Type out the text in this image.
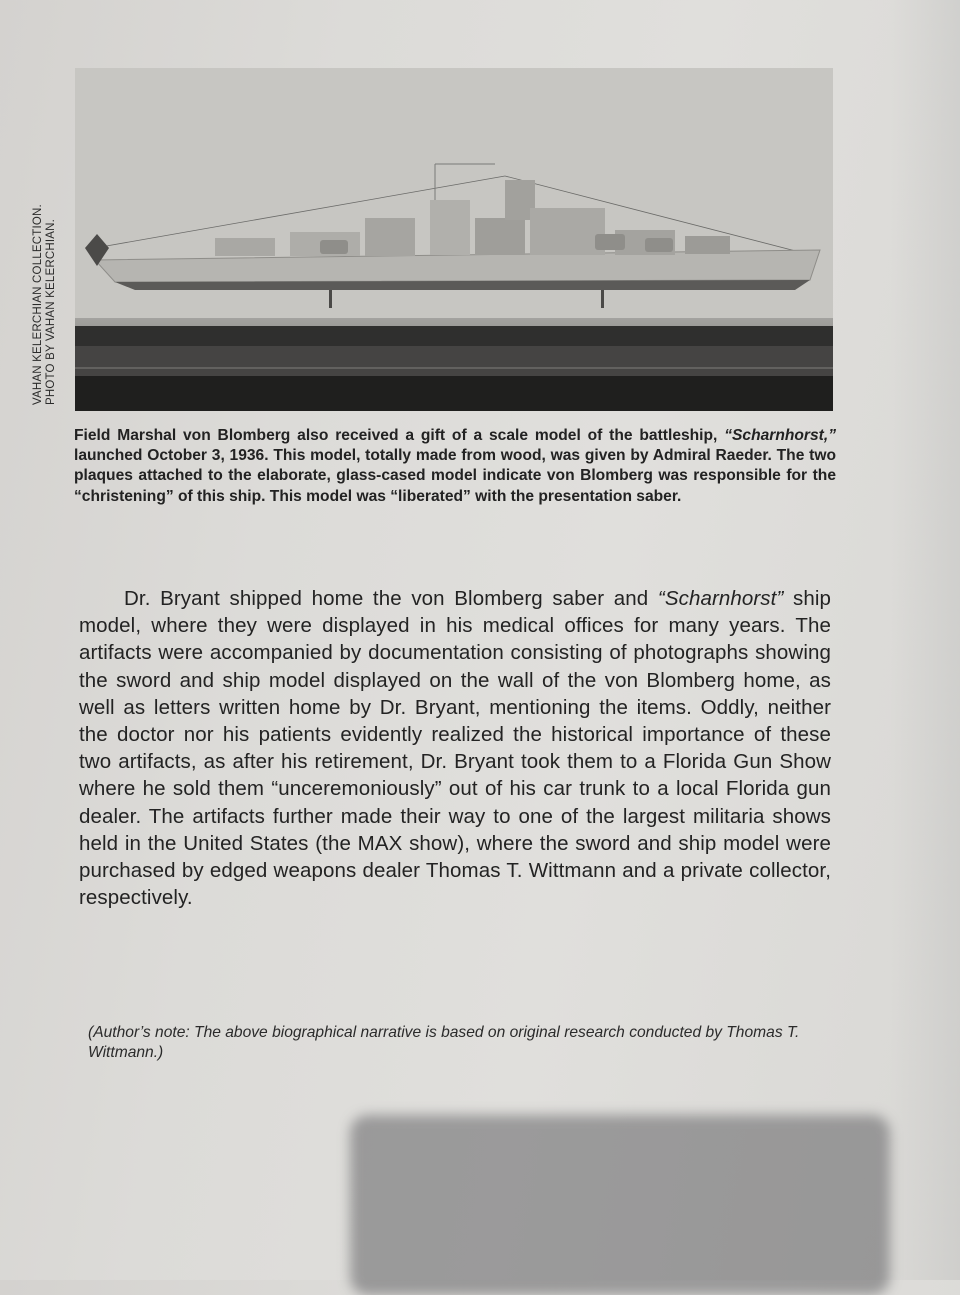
VAHAN KELERCHIAN COLLECTION. PHOTO BY VAHAN KELERCHIAN.
Field Marshal von Blomberg also received a gift of a scale model of the battleship, “Scharnhorst,” launched October 3, 1936. This model, totally made from wood, was given by Admiral Raeder. The two plaques attached to the elaborate, glass-cased model indicate von Blomberg was responsible for the “christening” of this ship. This model was “liberated” with the presentation saber.
Dr. Bryant shipped home the von Blomberg saber and “Scharnhorst” ship model, where they were displayed in his medical offices for many years. The artifacts were accompanied by documentation consisting of photographs showing the sword and ship model displayed on the wall of the von Blomberg home, as well as letters written home by Dr. Bryant, mentioning the items. Oddly, neither the doctor nor his patients evidently realized the historical importance of these two artifacts, as after his retirement, Dr. Bryant took them to a Florida Gun Show where he sold them “unceremoniously” out of his car trunk to a local Florida gun dealer. The artifacts further made their way to one of the largest militaria shows held in the United States (the MAX show), where the sword and ship model were purchased by edged weapons dealer Thomas T. Wittmann and a private collector, respectively.
(Author’s note: The above biographical narrative is based on original research conducted by Thomas T. Wittmann.)
